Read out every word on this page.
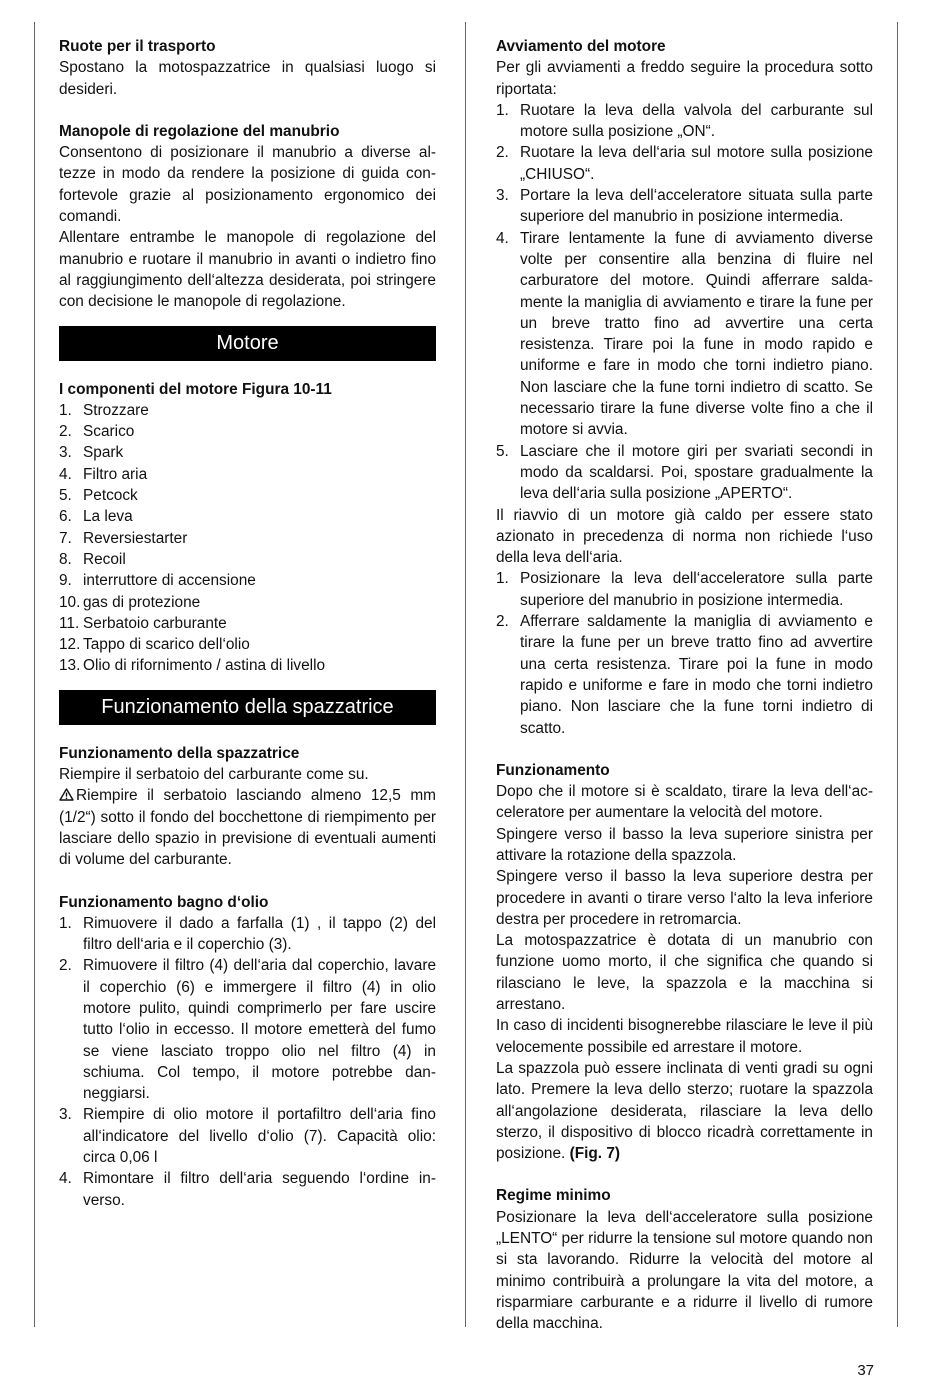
Ruote per il trasporto

Spostano la motospazzatrice in qualsiasi luogo si desideri.

Manopole di regolazione del manubrio

Consentono di posizionare il manubrio a diverse altezze in modo da rendere la posizione di guida confortevole grazie al posizionamento ergonomico dei comandi.

Allentare entrambe le manopole di regolazione del manubrio e ruotare il manubrio in avanti o indietro fino al raggiungimento dell‘altezza desiderata, poi stringere con decisione le manopole di regolazione.

Motore

I componenti del motore Figura 10-11

1. Strozzare
2. Scarico
3. Spark
4. Filtro aria
5. Petcock
6. La leva
7. Reversiestarter
8. Recoil
9. interruttore di accensione
10. gas di protezione
11. Serbatoio carburante
12. Tappo di scarico dell‘olio
13. Olio di rifornimento / astina di livello
Funzionamento della spazzatrice

Funzionamento della spazzatrice

Riempire il serbatoio del carburante come su.

Riempire il serbatoio lasciando almeno 12,5 mm (1/2“) sotto il fondo del bocchettone di riempimento per lasciare dello spazio in previsione di eventuali aumenti di volume del carburante.

Funzionamento bagno d‘olio

1. Rimuovere il dado a farfalla (1) , il tappo (2) del filtro dell‘aria e il coperchio (3).
2. Rimuovere il filtro (4) dell‘aria dal coperchio, lavare il coperchio (6) e immergere il filtro (4) in olio motore pulito, quindi comprimerlo per fare uscire tutto l‘olio in eccesso. Il motore emetterà del fumo se viene lasciato troppo olio nel filtro (4) in schiuma. Col tempo, il motore potrebbe danneggiarsi.
3. Riempire di olio motore il portafiltro dell‘aria fino all‘indicatore del livello d‘olio (7). Capacità olio: circa 0,06 l
4. Rimontare il filtro dell‘aria seguendo l‘ordine inverso.

Avviamento del motore

Per gli avviamenti a freddo seguire la procedura sotto riportata:

1. Ruotare la leva della valvola del carburante sul motore sulla posizione „ON“.
2. Ruotare la leva dell‘aria sul motore sulla posizione „CHIUSO“.
3. Portare la leva dell‘acceleratore situata sulla parte superiore del manubrio in posizione intermedia.
4. Tirare lentamente la fune di avviamento diverse volte per consentire alla benzina di fluire nel carburatore del motore. Quindi afferrare saldamente la maniglia di avviamento e tirare la fune per un breve tratto fino ad avvertire una certa resistenza. Tirare poi la fune in modo rapido e uniforme e fare in modo che torni indietro piano. Non lasciare che la fune torni indietro di scatto. Se necessario tirare la fune diverse volte fino a che il motore si avvia.
5. Lasciare che il motore giri per svariati secondi in modo da scaldarsi. Poi, spostare gradualmente la leva dell‘aria sulla posizione „APERTO“.

Il riavvio di un motore già caldo per essere stato azionato in precedenza di norma non richiede l‘uso della leva dell‘aria.

1. Posizionare la leva dell‘acceleratore sulla parte superiore del manubrio in posizione intermedia.
2. Afferrare saldamente la maniglia di avviamento e tirare la fune per un breve tratto fino ad avvertire una certa resistenza. Tirare poi la fune in modo rapido e uniforme e fare in modo che torni indietro piano. Non lasciare che la fune torni indietro di scatto.

Funzionamento

Dopo che il motore si è scaldato, tirare la leva dell‘acceleratore per aumentare la velocità del motore.

Spingere verso il basso la leva superiore sinistra per attivare la rotazione della spazzola.

Spingere verso il basso la leva superiore destra per procedere in avanti o tirare verso l‘alto la leva inferiore destra per procedere in retromarcia.

La motospazzatrice è dotata di un manubrio con funzione uomo morto, il che significa che quando si rilasciano le leve, la spazzola e la macchina si arrestano.

In caso di incidenti bisognerebbe rilasciare le leve il più velocemente possibile ed arrestare il motore.

La spazzola può essere inclinata di venti gradi su ogni lato. Premere la leva dello sterzo; ruotare la spazzola all‘angolazione desiderata, rilasciare la leva dello sterzo, il dispositivo di blocco ricadrà correttamente in posizione. (Fig. 7)

Regime minimo

Posizionare la leva dell‘acceleratore sulla posizione „LENTO“ per ridurre la tensione sul motore quando non si sta lavorando. Ridurre la velocità del motore al minimo contribuirà a prolungare la vita del motore, a risparmiare carburante e a ridurre il livello di rumore della macchina.

37
